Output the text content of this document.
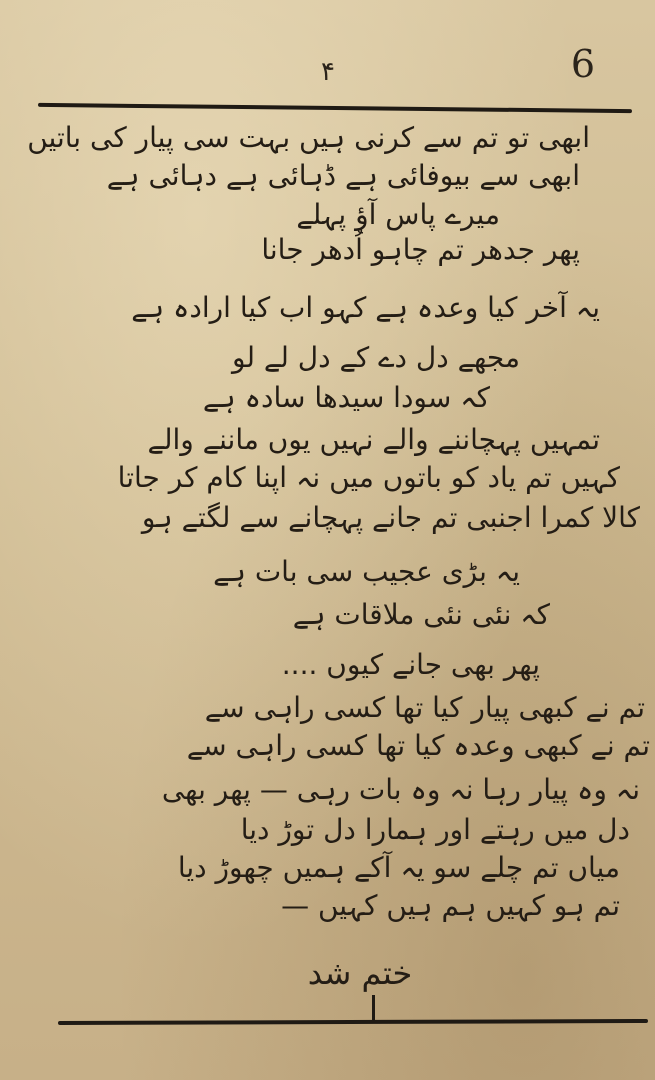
6
۴
ابھی تو تم سے کرنی ہیں بہت سی پیار کی باتیں
ابھی سے بیوفائی ہے ڈہائی ہے دہائی ہے
میرے پاس آؤ پہلے
پھر جدھر تم چاہو اُدھر جانا
یہ آخر کیا وعدہ ہے کہو اب کیا ارادہ ہے
مجھے دل دے کے دل لے لو
کہ سودا سیدھا سادہ ہے
تمہیں پہچاننے والے نہیں یوں ماننے والے
کہیں تم یاد کو باتوں میں نہ اپنا کام کر جاتا
کالا کمرا اجنبی تم جانے پہچانے سے لگتے ہو
یہ بڑی عجیب سی بات ہے
کہ نئی نئی ملاقات ہے
پھر بھی جانے کیوں ....
تم نے کبھی پیار کیا تھا کسی راہی سے
تم نے کبھی وعدہ کیا تھا کسی راہی سے
نہ وہ پیار رہا نہ وہ بات رہی — پھر بھی
دل میں رہتے اور ہمارا دل توڑ دیا
میاں تم چلے سو یہ آکے ہمیں چھوڑ دیا
تم ہو کہیں ہم ہیں کہیں —
ختم شد
